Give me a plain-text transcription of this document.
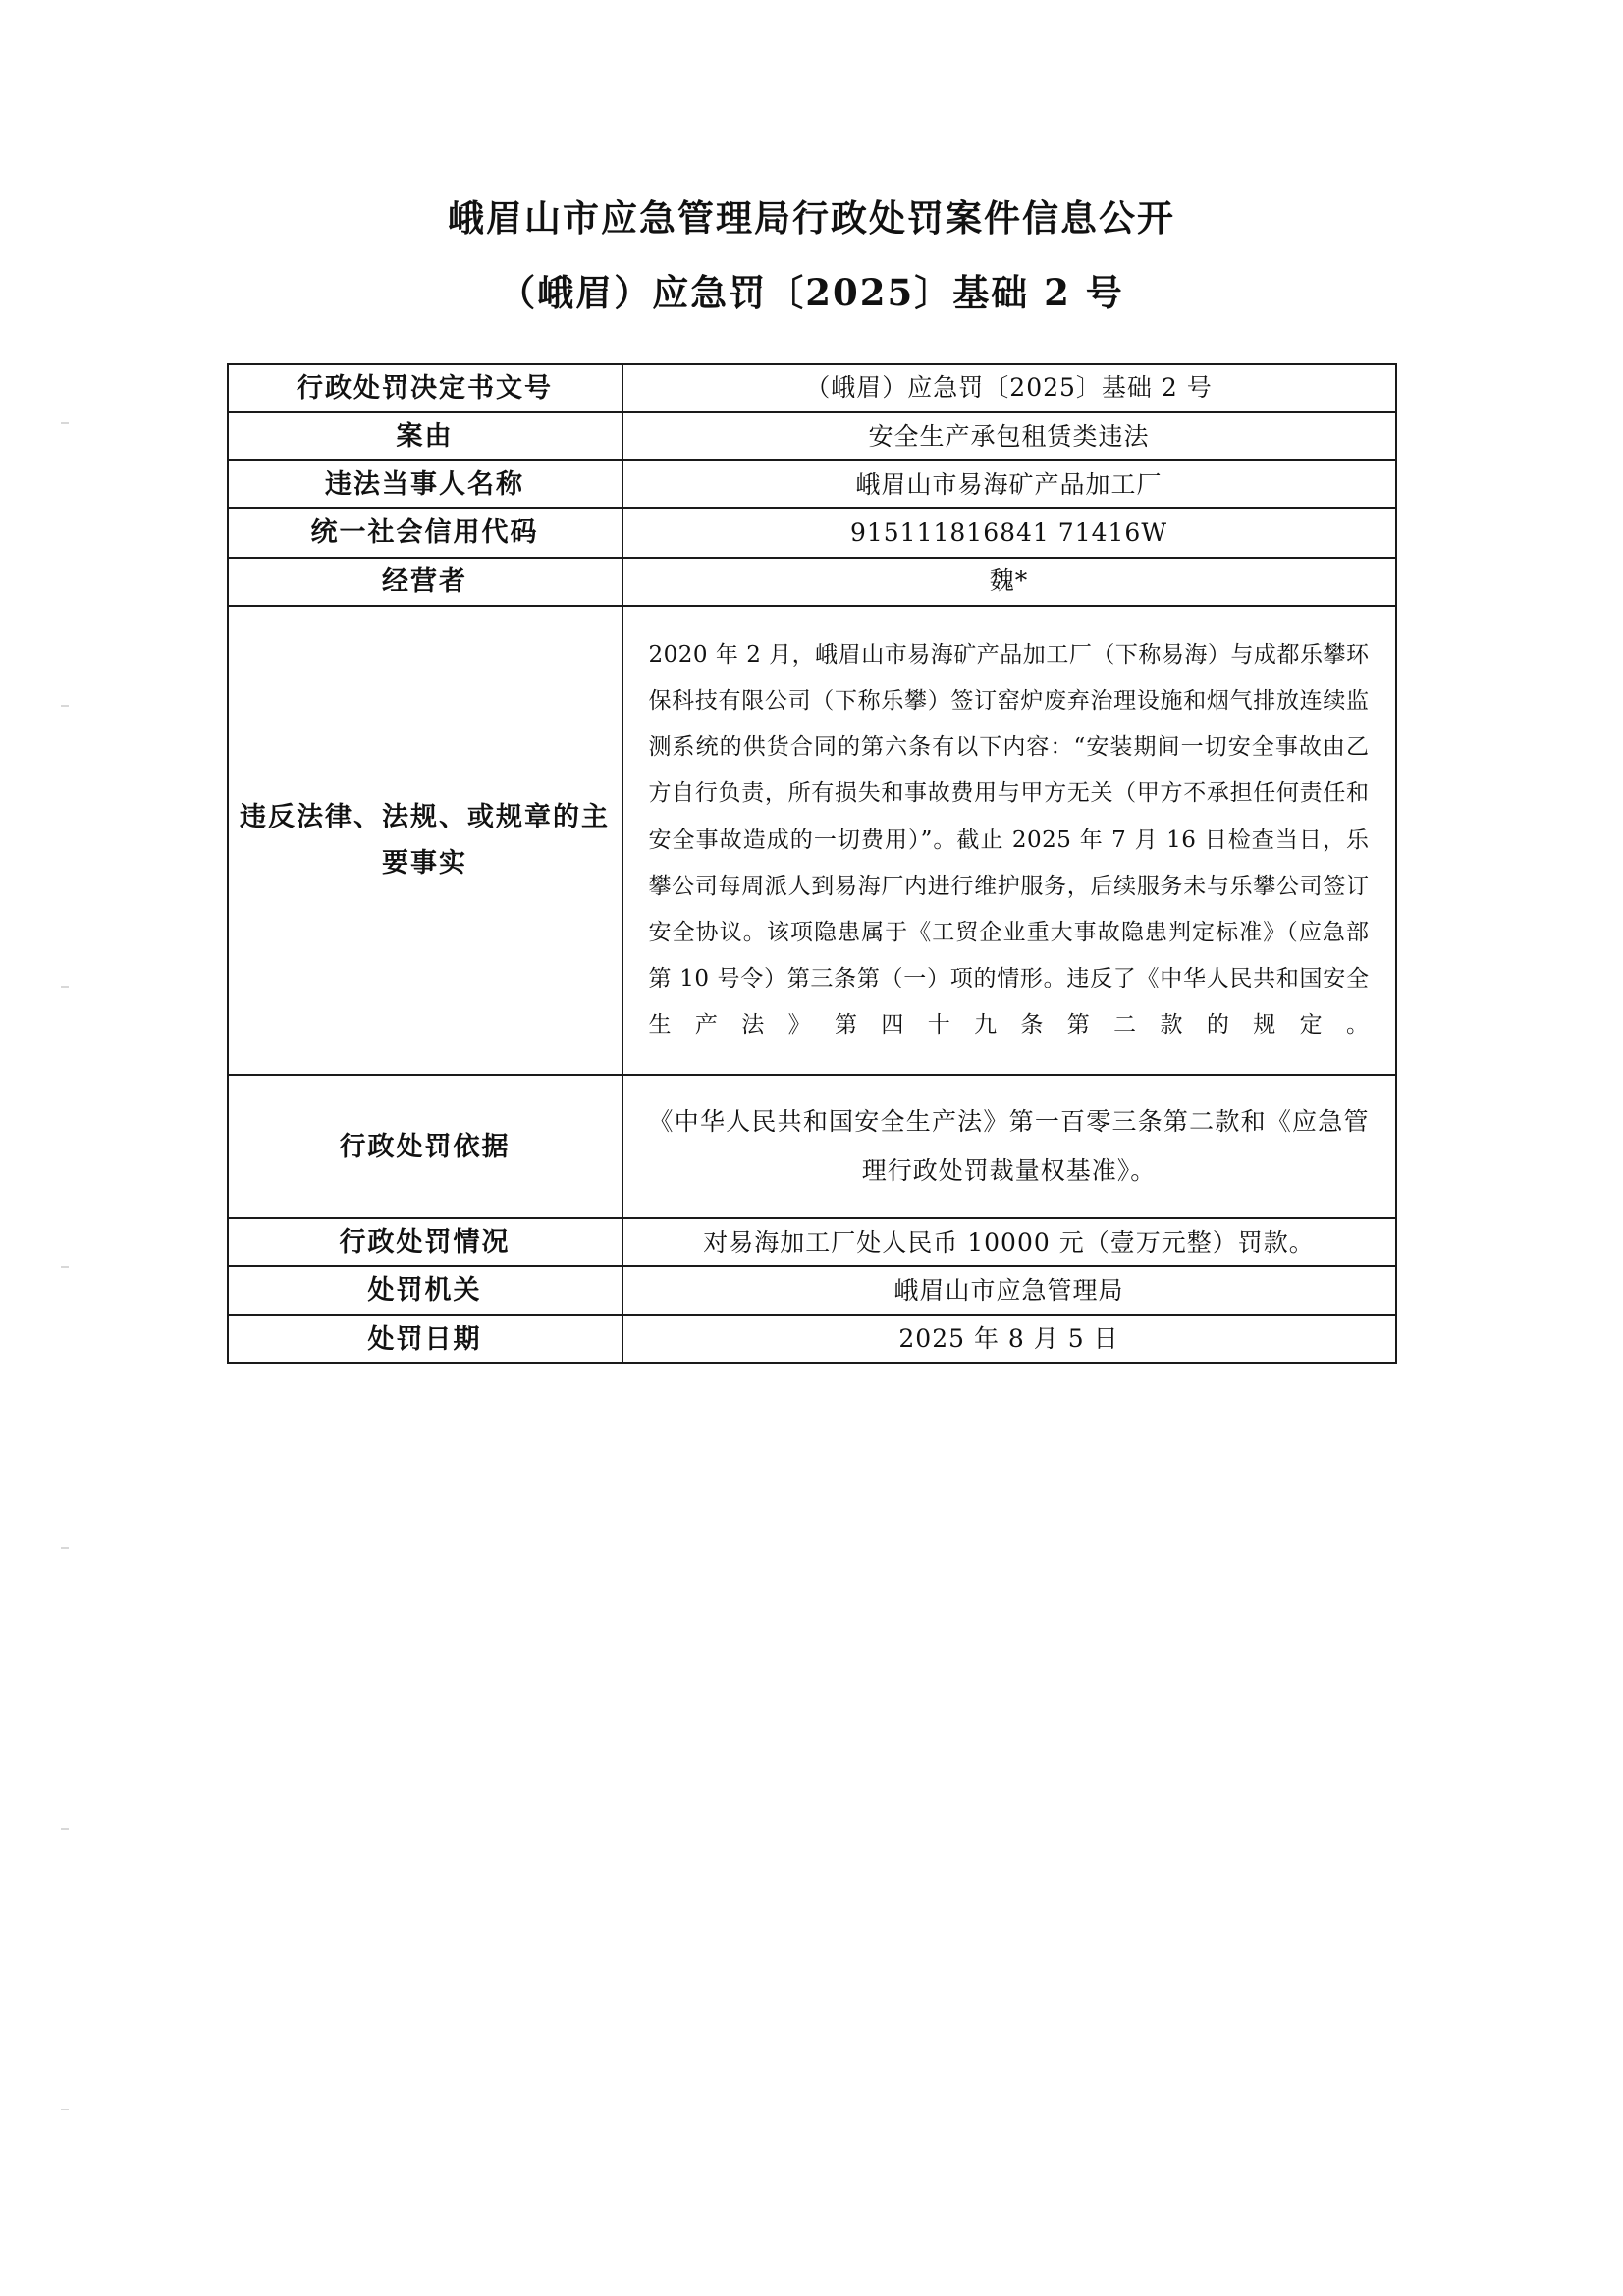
峨眉山市应急管理局行政处罚案件信息公开
（峨眉）应急罚〔2025〕基础 2 号
行政处罚决定书文号	（峨眉）应急罚〔2025〕基础 2 号
案由	安全生产承包租赁类违法
违法当事人名称	峨眉山市易海矿产品加工厂
统一社会信用代码	915111816841 71416W
经营者	魏*
违反法律、法规、或规章的主要事实	2020 年 2 月，峨眉山市易海矿产品加工厂（下称易海）与成都乐攀环保科技有限公司（下称乐攀）签订窑炉废弃治理设施和烟气排放连续监测系统的供货合同的第六条有以下内容：“安装期间一切安全事故由乙方自行负责，所有损失和事故费用与甲方无关（甲方不承担任何责任和安全事故造成的一切费用）”。截止 2025 年 7 月 16 日检查当日，乐攀公司每周派人到易海厂内进行维护服务，后续服务未与乐攀公司签订安全协议。该项隐患属于《工贸企业重大事故隐患判定标准》（应急部第 10 号令）第三条第（一）项的情形。违反了《中华人民共和国安全生产法》第四十九条第二款的规定。
行政处罚依据	《中华人民共和国安全生产法》第一百零三条第二款和《应急管理行政处罚裁量权基准》。
行政处罚情况	对易海加工厂处人民币 10000 元（壹万元整）罚款。
处罚机关	峨眉山市应急管理局
处罚日期	2025 年 8 月 5 日
